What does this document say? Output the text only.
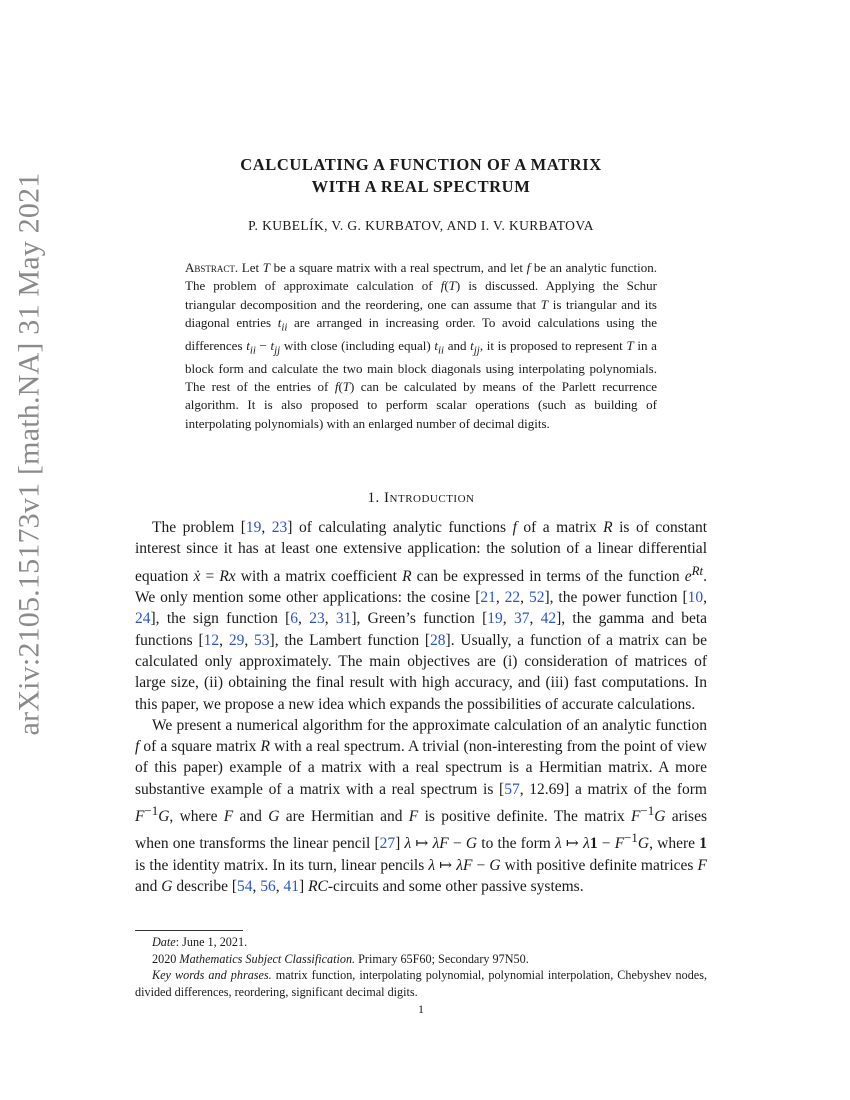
arXiv:2105.15173v1 [math.NA] 31 May 2021
CALCULATING A FUNCTION OF A MATRIX
WITH A REAL SPECTRUM
P. KUBELÍK, V. G. KURBATOV, AND I. V. KURBATOVA
Abstract. Let T be a square matrix with a real spectrum, and let f be an analytic function. The problem of approximate calculation of f(T) is discussed. Applying the Schur triangular decomposition and the reordering, one can assume that T is triangular and its diagonal entries $t_{ii}$ are arranged in increasing order. To avoid calculations using the differences $t_{ii} - t_{jj}$ with close (including equal) $t_{ii}$ and $t_{jj}$, it is proposed to represent T in a block form and calculate the two main block diagonals using interpolating polynomials. The rest of the entries of f(T) can be calculated by means of the Parlett recurrence algorithm. It is also proposed to perform scalar operations (such as building of interpolating polynomials) with an enlarged number of decimal digits.
1. Introduction

The problem [19, 23] of calculating analytic functions f of a matrix R is of constant interest since it has at least one extensive application: the solution of a linear differential equation ẋ = Rx with a matrix coefficient R can be expressed in terms of the function $e^{Rt}$. We only mention some other applications: the cosine [21, 22, 52], the power function [10, 24], the sign function [6, 23, 31], Green’s function [19, 37, 42], the gamma and beta functions [12, 29, 53], the Lambert function [28]. Usually, a function of a matrix can be calculated only approximately. The main objectives are (i) consideration of matrices of large size, (ii) obtaining the final result with high accuracy, and (iii) fast computations. In this paper, we propose a new idea which expands the possibilities of accurate calculations.

We present a numerical algorithm for the approximate calculation of an analytic function f of a square matrix R with a real spectrum. A trivial (non-interesting from the point of view of this paper) example of a matrix with a real spectrum is a Hermitian matrix. A more substantive example of a matrix with a real spectrum is [57, 12.69] a matrix of the form $F^{-1}G$, where F and G are Hermitian and F is positive definite. The matrix $F^{-1}G$ arises when one transforms the linear pencil [27] λ ↦ λF − G to the form λ ↦ $\lambda 1 - F^{-1}G$, where 1 is the identity matrix. In its turn, linear pencils λ ↦ λF − G with positive definite matrices F and G describe [54, 56, 41] RC-circuits and some other passive systems.

Date: June 1, 2021.

2020 Mathematics Subject Classification. Primary 65F60; Secondary 97N50.

Key words and phrases. matrix function, interpolating polynomial, polynomial interpolation, Chebyshev nodes, divided differences, reordering, significant decimal digits.

1
